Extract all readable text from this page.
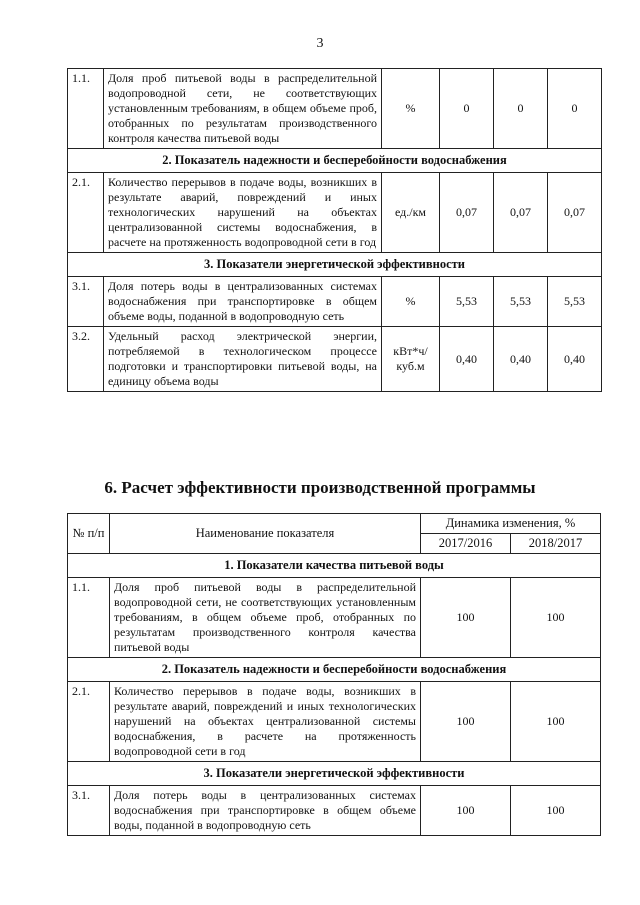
3
1.1.	Доля проб питьевой воды в распределительной водопроводной сети, не соответствующих установленным требованиям, в общем объеме проб, отобранных по результатам производственного контроля качества питьевой воды	%	0	0	0
2. Показатель надежности и бесперебойности водоснабжения					
2.1.	Количество перерывов в подаче воды, возникших в результате аварий, повреждений и иных технологических нарушений на объектах централизованной системы водоснабжения, в расчете на протяженность водопроводной сети в год	ед./км	0,07	0,07	0,07
3. Показатели энергетической эффективности					
3.1.	Доля потерь воды в централизованных системах водоснабжения при транспортировке в общем объеме воды, поданной в водопроводную сеть	%	5,53	5,53	5,53
3.2.	Удельный расход электрической энергии, потребляемой в технологическом процессе подготовки и транспортировки питьевой воды, на единицу объема воды	кВт*ч/ куб.м	0,40	0,40	0,40
6. Расчет эффективности производственной программы
№ п/п	Наименование показателя	Динамика изменения, %	
		2017/2016	2018/2017
1. Показатели качества питьевой воды			
1.1.	Доля проб питьевой воды в распределительной водопроводной сети, не соответствующих установленным требованиям, в общем объеме проб, отобранных по результатам производственного контроля качества питьевой воды	100	100
2. Показатель надежности и бесперебойности водоснабжения			
2.1.	Количество перерывов в подаче воды, возникших в результате аварий, повреждений и иных технологических нарушений на объектах централизованной системы водоснабжения, в расчете на протяженность водопроводной сети в год	100	100
3. Показатели энергетической эффективности			
3.1.	Доля потерь воды в централизованных системах водоснабжения при транспортировке в общем объеме воды, поданной в водопроводную сеть	100	100
